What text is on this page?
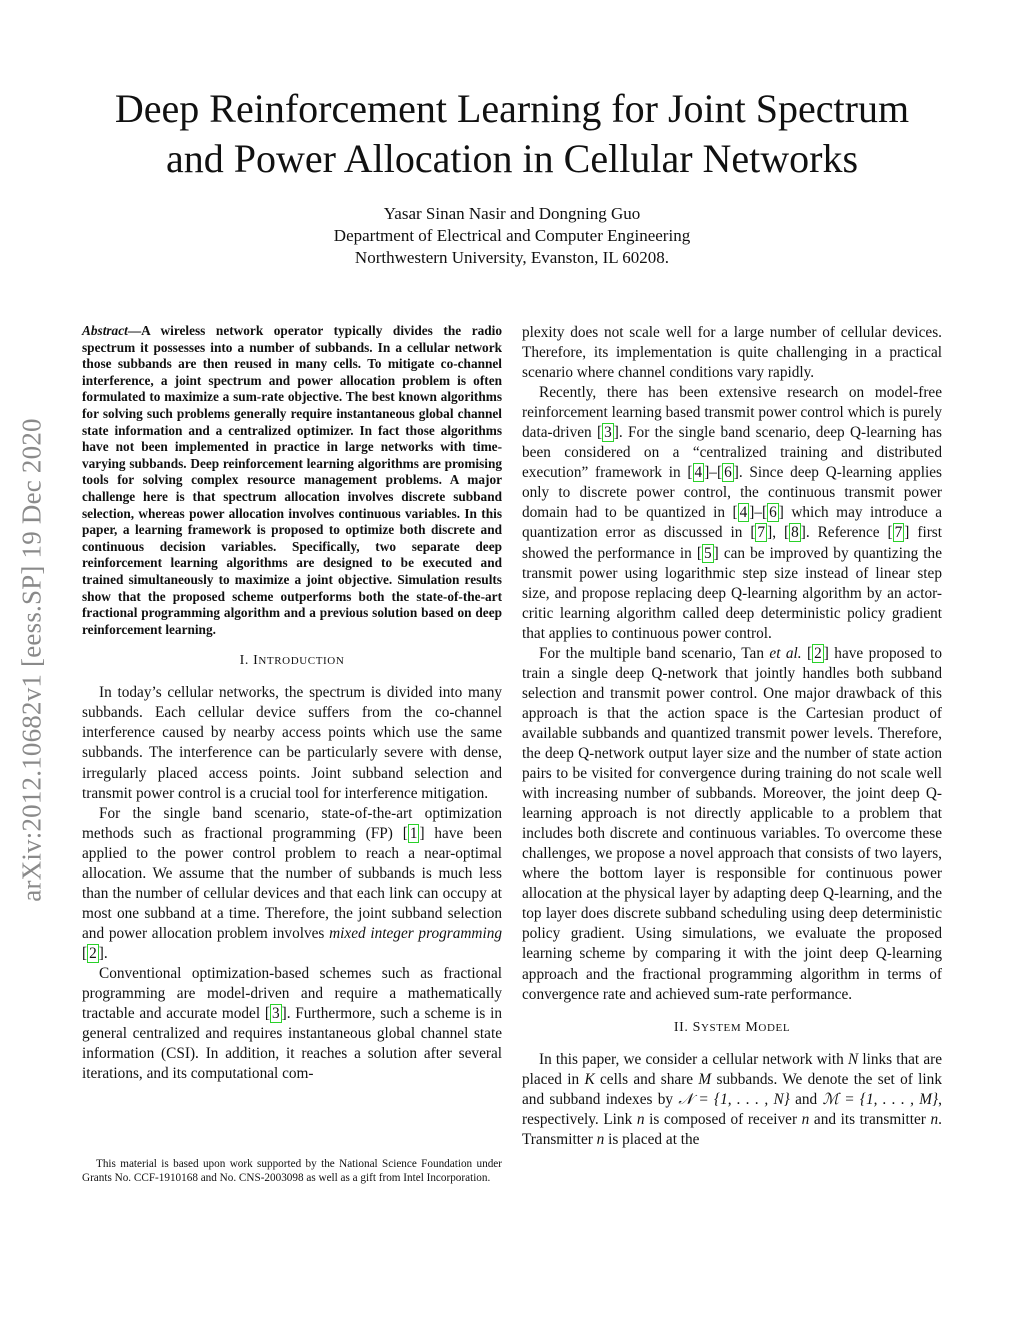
arXiv:2012.10682v1 [eess.SP] 19 Dec 2020
Deep Reinforcement Learning for Joint Spectrum
and Power Allocation in Cellular Networks
Yasar Sinan Nasir and Dongning Guo
Department of Electrical and Computer Engineering
Northwestern University, Evanston, IL 60208.
Abstract—A wireless network operator typically divides the radio spectrum it possesses into a number of subbands. In a cellular network those subbands are then reused in many cells. To mitigate co-channel interference, a joint spectrum and power allocation problem is often formulated to maximize a sum-rate objective. The best known algorithms for solving such problems generally require instantaneous global channel state information and a centralized optimizer. In fact those algorithms have not been implemented in practice in large networks with time-varying subbands. Deep reinforcement learning algorithms are promising tools for solving complex resource management problems. A major challenge here is that spectrum allocation involves discrete subband selection, whereas power allocation involves continuous variables. In this paper, a learning framework is proposed to optimize both discrete and continuous decision variables. Specifically, two separate deep reinforcement learning algorithms are designed to be executed and trained simultaneously to maximize a joint objective. Simulation results show that the proposed scheme outperforms both the state-of-the-art fractional programming algorithm and a previous solution based on deep reinforcement learning.
I. INTRODUCTION

In today’s cellular networks, the spectrum is divided into many subbands. Each cellular device suffers from the co-channel interference caused by nearby access points which use the same subbands. The interference can be particularly severe with dense, irregularly placed access points. Joint subband selection and transmit power control is a crucial tool for interference mitigation.

For the single band scenario, state-of-the-art optimization methods such as fractional programming (FP) [ 1 ] have been applied to the power control problem to reach a near-optimal allocation. We assume that the number of subbands is much less than the number of cellular devices and that each link can occupy at most one subband at a time. Therefore, the joint subband selection and power allocation problem involves mixed integer programming [ 2 ].

Conventional optimization-based schemes such as fractional programming are model-driven and require a mathematically tractable and accurate model [ 3 ]. Furthermore, such a scheme is in general centralized and requires instantaneous global channel state information (CSI). In addition, it reaches a solution after several iterations, and its computational com-

This material is based upon work supported by the National Science Foundation under Grants No. CCF-1910168 and No. CNS-2003098 as well as a gift from Intel Incorporation.

plexity does not scale well for a large number of cellular devices. Therefore, its implementation is quite challenging in a practical scenario where channel conditions vary rapidly.

Recently, there has been extensive research on model-free reinforcement learning based transmit power control which is purely data-driven [ 3 ]. For the single band scenario, deep Q-learning has been considered on a “centralized training and distributed execution” framework in [ 4 ]–[ 6 ]. Since deep Q-learning applies only to discrete power control, the continuous transmit power domain had to be quantized in [ 4 ]–[ 6 ] which may introduce a quantization error as discussed in [ 7 ], [ 8 ]. Reference [ 7 ] first showed the performance in [ 5 ] can be improved by quantizing the transmit power using logarithmic step size instead of linear step size, and propose replacing deep Q-learning algorithm by an actor-critic learning algorithm called deep deterministic policy gradient that applies to continuous power control.

For the multiple band scenario, Tan et al. [ 2 ] have proposed to train a single deep Q-network that jointly handles both subband selection and transmit power control. One major drawback of this approach is that the action space is the Cartesian product of available subbands and quantized transmit power levels. Therefore, the deep Q-network output layer size and the number of state action pairs to be visited for convergence during training do not scale well with increasing number of subbands. Moreover, the joint deep Q-learning approach is not directly applicable to a problem that includes both discrete and continuous variables. To overcome these challenges, we propose a novel approach that consists of two layers, where the bottom layer is responsible for continuous power allocation at the physical layer by adapting deep Q-learning, and the top layer does discrete subband scheduling using deep deterministic policy gradient. Using simulations, we evaluate the proposed learning scheme by comparing it with the joint deep Q-learning approach and the fractional programming algorithm in terms of convergence rate and achieved sum-rate performance.

II. SYSTEM MODEL

In this paper, we consider a cellular network with N links that are placed in K cells and share M subbands. We denote the set of link and subband indexes by 𝒩 = {1, . . . , N} and ℳ = {1, . . . , M}, respectively. Link n is composed of receiver n and its transmitter n. Transmitter n is placed at the
